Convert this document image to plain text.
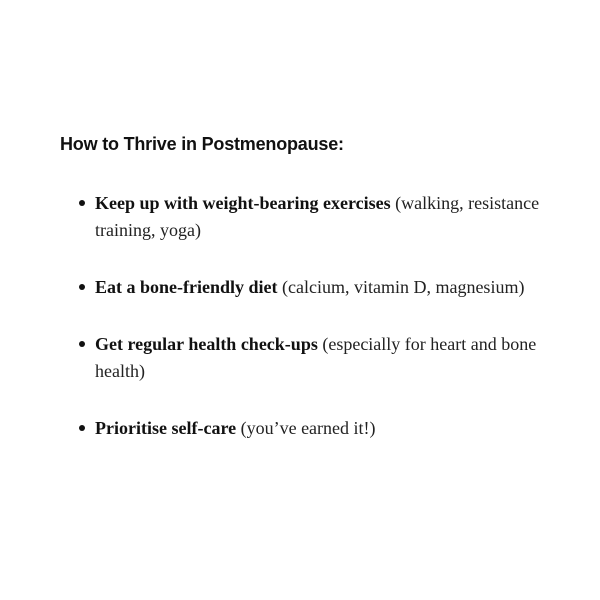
How to Thrive in Postmenopause:
Keep up with weight-bearing exercises (walking, resistance training, yoga)
Eat a bone-friendly diet (calcium, vitamin D, magnesium)
Get regular health check-ups (especially for heart and bone health)
Prioritise self-care (you’ve earned it!)
